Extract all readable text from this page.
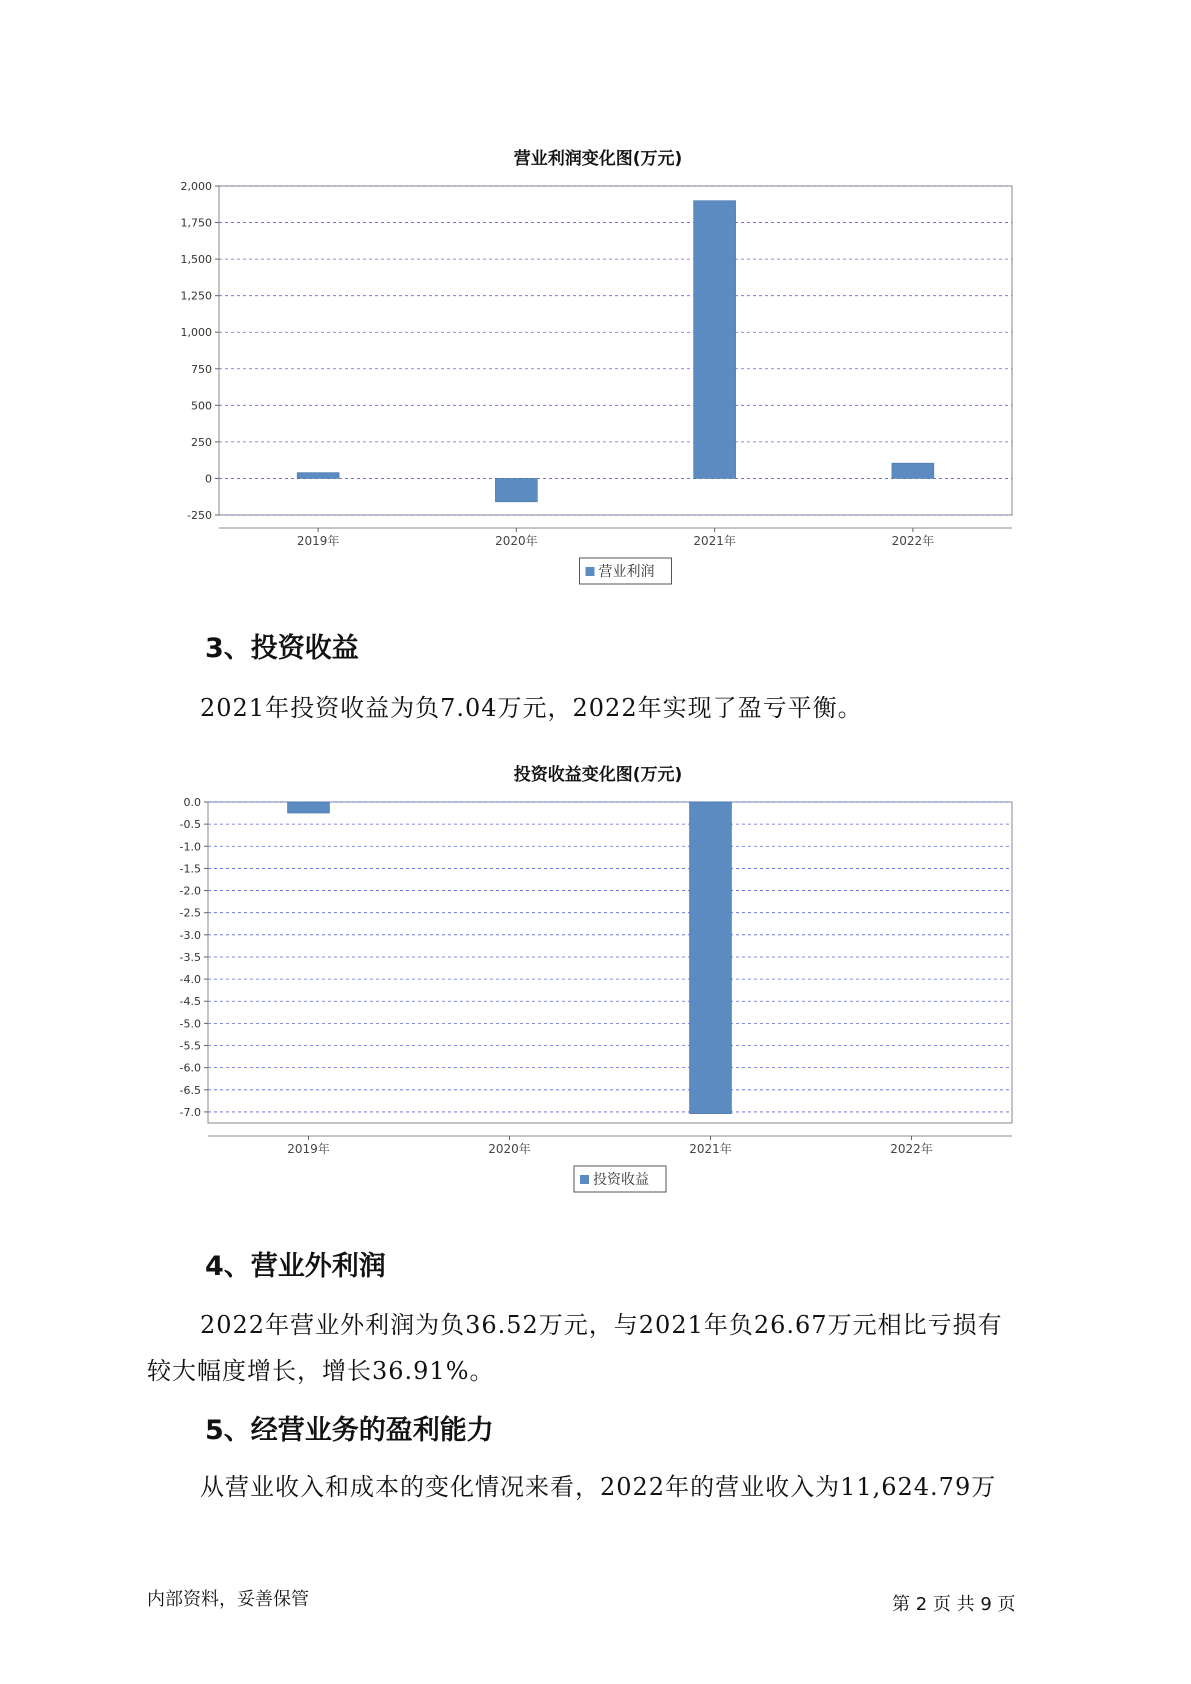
营业利润变化图(万元)
2,000
1,750
1,500
1,250
1,000
750
500
250
0
-250
2019年	2020年	2021年	2022年
营业利润
3、投资收益
2021年投资收益为负7.04万元，2022年实现了盈亏平衡。
投资收益变化图(万元)
0.0
-0.5
-1.0
-1.5
-2.0
-2.5
-3.0
-3.5
-4.0
-4.5
-5.0
-5.5
-6.0
-6.5
-7.0
2019年	2020年	2021年	2022年
投资收益
4、营业外利润
2022年营业外利润为负36.52万元，与2021年负26.67万元相比亏损有
较大幅度增长，增长36.91%。
5、经营业务的盈利能力
从营业收入和成本的变化情况来看，2022年的营业收入为11,624.79万
内部资料，妥善保管	第 2 页 共 9 页
